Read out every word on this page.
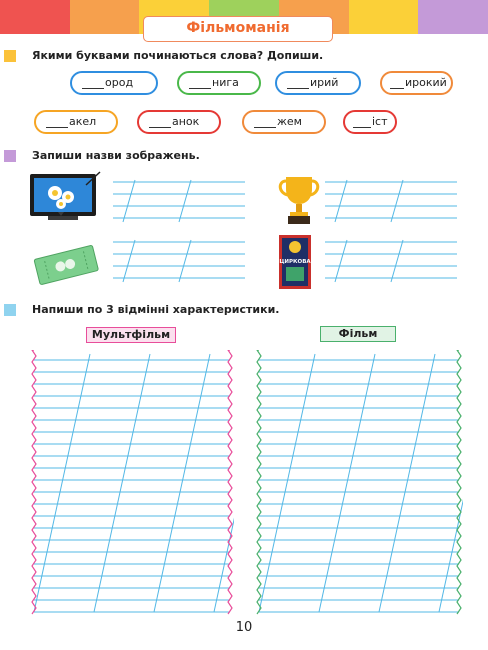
Фільмоманія
Якими буквами починаються слова? Допиши.
ород	нига	ирий	ирокий
акел	анок	жем	іст
Запиши назви зображень.
ЦИРКОВА
Напиши по 3 відмінні характеристики.
Мультфільм	Фільм
10
